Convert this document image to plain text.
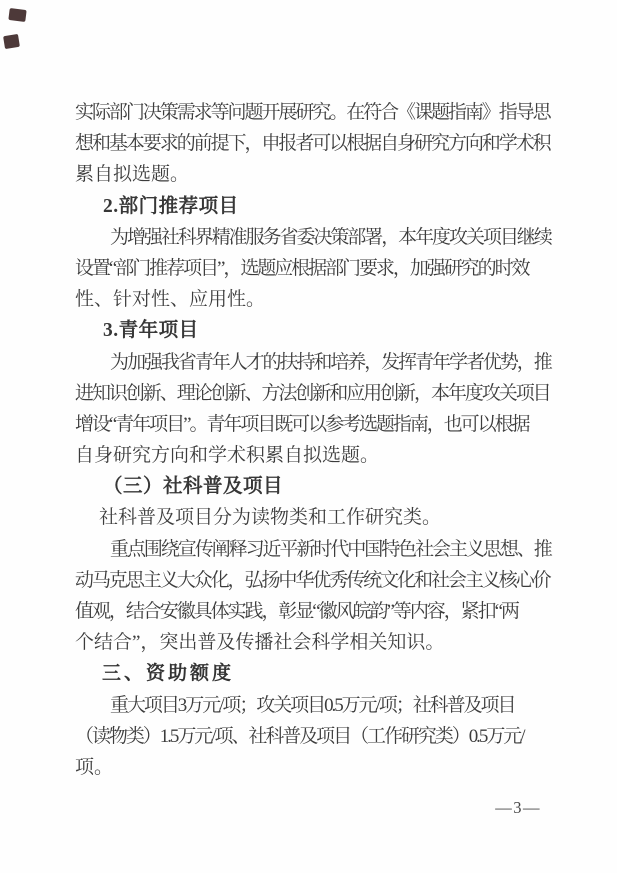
实际部门决策需求等问题开展研究。在符合《课题指南》指导思
想和基本要求的前提下，申报者可以根据自身研究方向和学术积
累自拟选题。
2.部门推荐项目
为增强社科界精准服务省委决策部署，本年度攻关项目继续
设置“部门推荐项目”，选题应根据部门要求，加强研究的时效
性、针对性、应用性。
3.青年项目
为加强我省青年人才的扶持和培养，发挥青年学者优势，推
进知识创新、理论创新、方法创新和应用创新，本年度攻关项目
增设“青年项目”。青年项目既可以参考选题指南，也可以根据
自身研究方向和学术积累自拟选题。
（三）社科普及项目
社科普及项目分为读物类和工作研究类。
重点围绕宣传阐释习近平新时代中国特色社会主义思想、推
动马克思主义大众化，弘扬中华优秀传统文化和社会主义核心价
值观，结合安徽具体实践，彰显“徽风皖韵”等内容，紧扣“两
个结合”，突出普及传播社会科学相关知识。
三、资助额度
重大项目3万元/项；攻关项目0.5万元/项；社科普及项目
（读物类）1.5万元/项、社科普及项目（工作研究类）0.5万元/
项。
—3—
